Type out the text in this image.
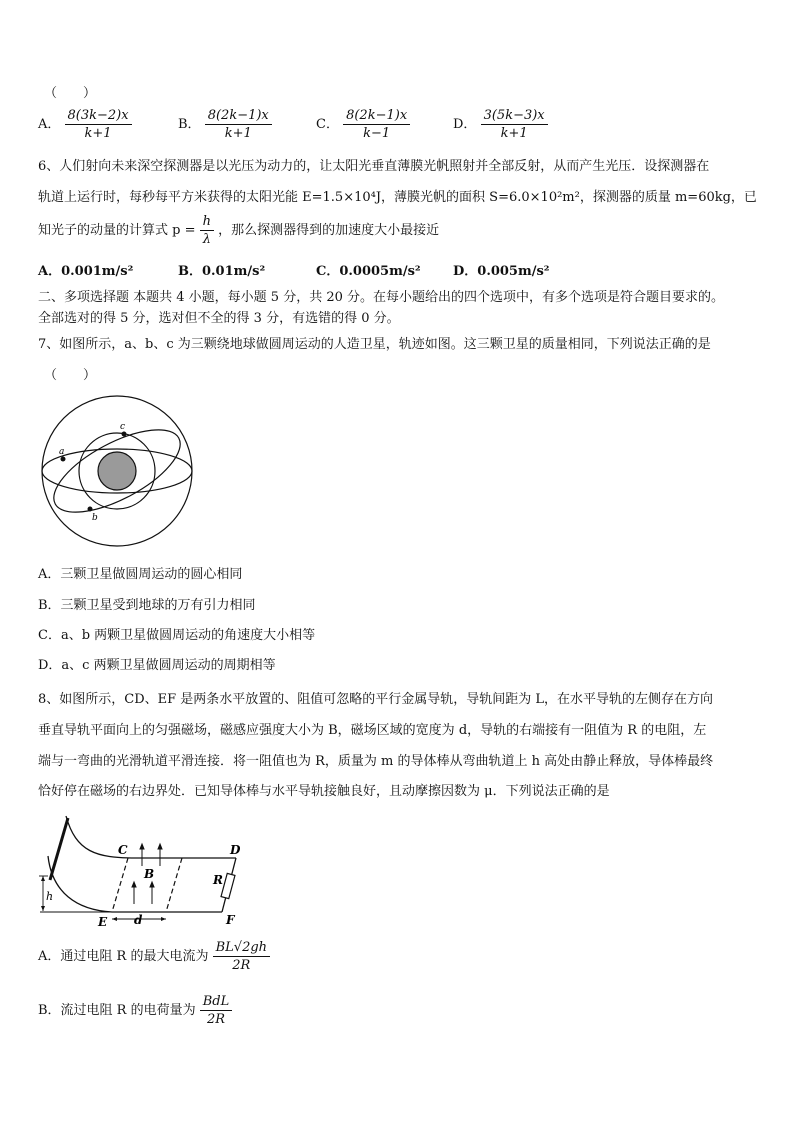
（　　）
A． $\frac{8(3k-2)x}{k+1}$	B． $\frac{8(2k-1)x}{k+1}$	C． $\frac{8(2k-1)x}{k-1}$	D． $\frac{3(5k-3)x}{k+1}$
6、人们射向未来深空探测器是以光压为动力的，让太阳光垂直薄膜光帆照射并全部反射，从而产生光压．设探测器在
轨道上运行时，每秒每平方米获得的太阳光能 E=1.5×10⁴J，薄膜光帆的面积 S=6.0×10²m²，探测器的质量 m=60kg，已
知光子的动量的计算式 $p = \frac{h}{\lambda}$ ，那么探测器得到的加速度大小最接近
A．0.001m/s²	B．0.01m/s²	C．0.0005m/s² D．0.005m/s²
二、多项选择题 本题共 4 小题，每小题 5 分，共 20 分。在每小题给出的四个选项中，有多个选项是符合题目要求的。
全部选对的得 5 分，选对但不全的得 3 分，有选错的得 0 分。
7、如图所示，a、b、c 为三颗绕地球做圆周运动的人造卫星，轨迹如图。这三颗卫星的质量相同，下列说法正确的是
（　　）
a
b
c
A．三颗卫星做圆周运动的圆心相同
B．三颗卫星受到地球的万有引力相同
C．a、b 两颗卫星做圆周运动的角速度大小相等
D．a、c 两颗卫星做圆周运动的周期相等
8、如图所示，CD、EF 是两条水平放置的、阻值可忽略的平行金属导轨，导轨间距为 L，在水平导轨的左侧存在方向
垂直导轨平面向上的匀强磁场，磁感应强度大小为 B，磁场区域的宽度为 d，导轨的右端接有一阻值为 R 的电阻，左
端与一弯曲的光滑轨道平滑连接．将一阻值也为 R，质量为 m 的导体棒从弯曲轨道上 h 高处由静止释放，导体棒最终
恰好停在磁场的右边界处．已知导体棒与水平导轨接触良好，且动摩擦因数为 μ．下列说法正确的是
h
C	D
B	R
E d	F
A．通过电阻 R 的最大电流为 $\frac{BL√2gh}{2R}$
B．流过电阻 R 的电荷量为 $\frac{\text{BdL}}{2R}$
